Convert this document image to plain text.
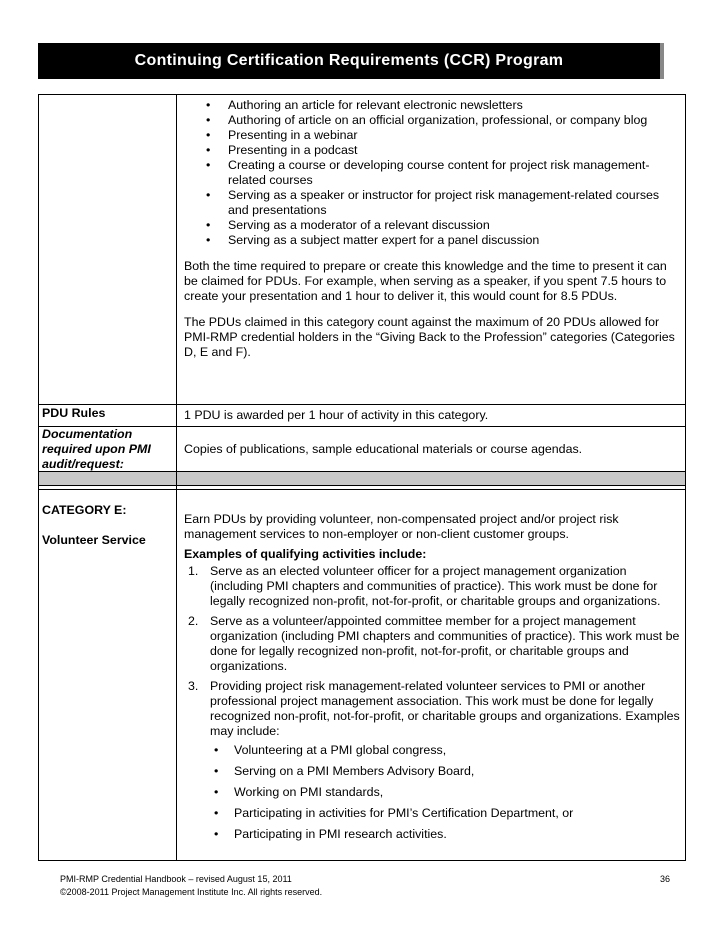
Continuing Certification Requirements (CCR) Program
• Authoring an article for relevant electronic newsletters
• Authoring of article on an official organization, professional, or company blog
• Presenting in a webinar
• Presenting in a podcast
• Creating a course or developing course content for project risk management-related courses
• Serving as a speaker or instructor for project risk management-related courses and presentations
• Serving as a moderator of a relevant discussion
• Serving as a subject matter expert for a panel discussion

Both the time required to prepare or create this knowledge and the time to present it can be claimed for PDUs. For example, when serving as a speaker, if you spent 7.5 hours to create your presentation and 1 hour to deliver it, this would count for 8.5 PDUs.

The PDUs claimed in this category count against the maximum of 20 PDUs allowed for PMI-RMP credential holders in the “Giving Back to the Profession” categories (Categories D, E and F).

PDU Rules	1 PDU is awarded per 1 hour of activity in this category.
Documentation required upon PMI audit/request:
Copies of publications, sample educational materials or course agendas.
CATEGORY E:
Volunteer Service

Earn PDUs by providing volunteer, non-compensated project and/or project risk management services to non-employer or non-client customer groups.

Examples of qualifying activities include:

1. Serve as an elected volunteer officer for a project management organization (including PMI chapters and communities of practice). This work must be done for legally recognized non-profit, not-for-profit, or charitable groups and organizations.
2. Serve as a volunteer/appointed committee member for a project management organization (including PMI chapters and communities of practice). This work must be done for legally recognized non-profit, not-for-profit, or charitable groups and organizations.
3. Providing project risk management-related volunteer services to PMI or another professional project management association. This work must be done for legally recognized non-profit, not-for-profit, or charitable groups and organizations. Examples may include:
• Volunteering at a PMI global congress,
• Serving on a PMI Members Advisory Board,
• Working on PMI standards,
• Participating in activities for PMI’s Certification Department, or
• Participating in PMI research activities.
PMI-RMP Credential Handbook – revised August 15, 2011
©2008-2011 Project Management Institute Inc. All rights reserved.
36
